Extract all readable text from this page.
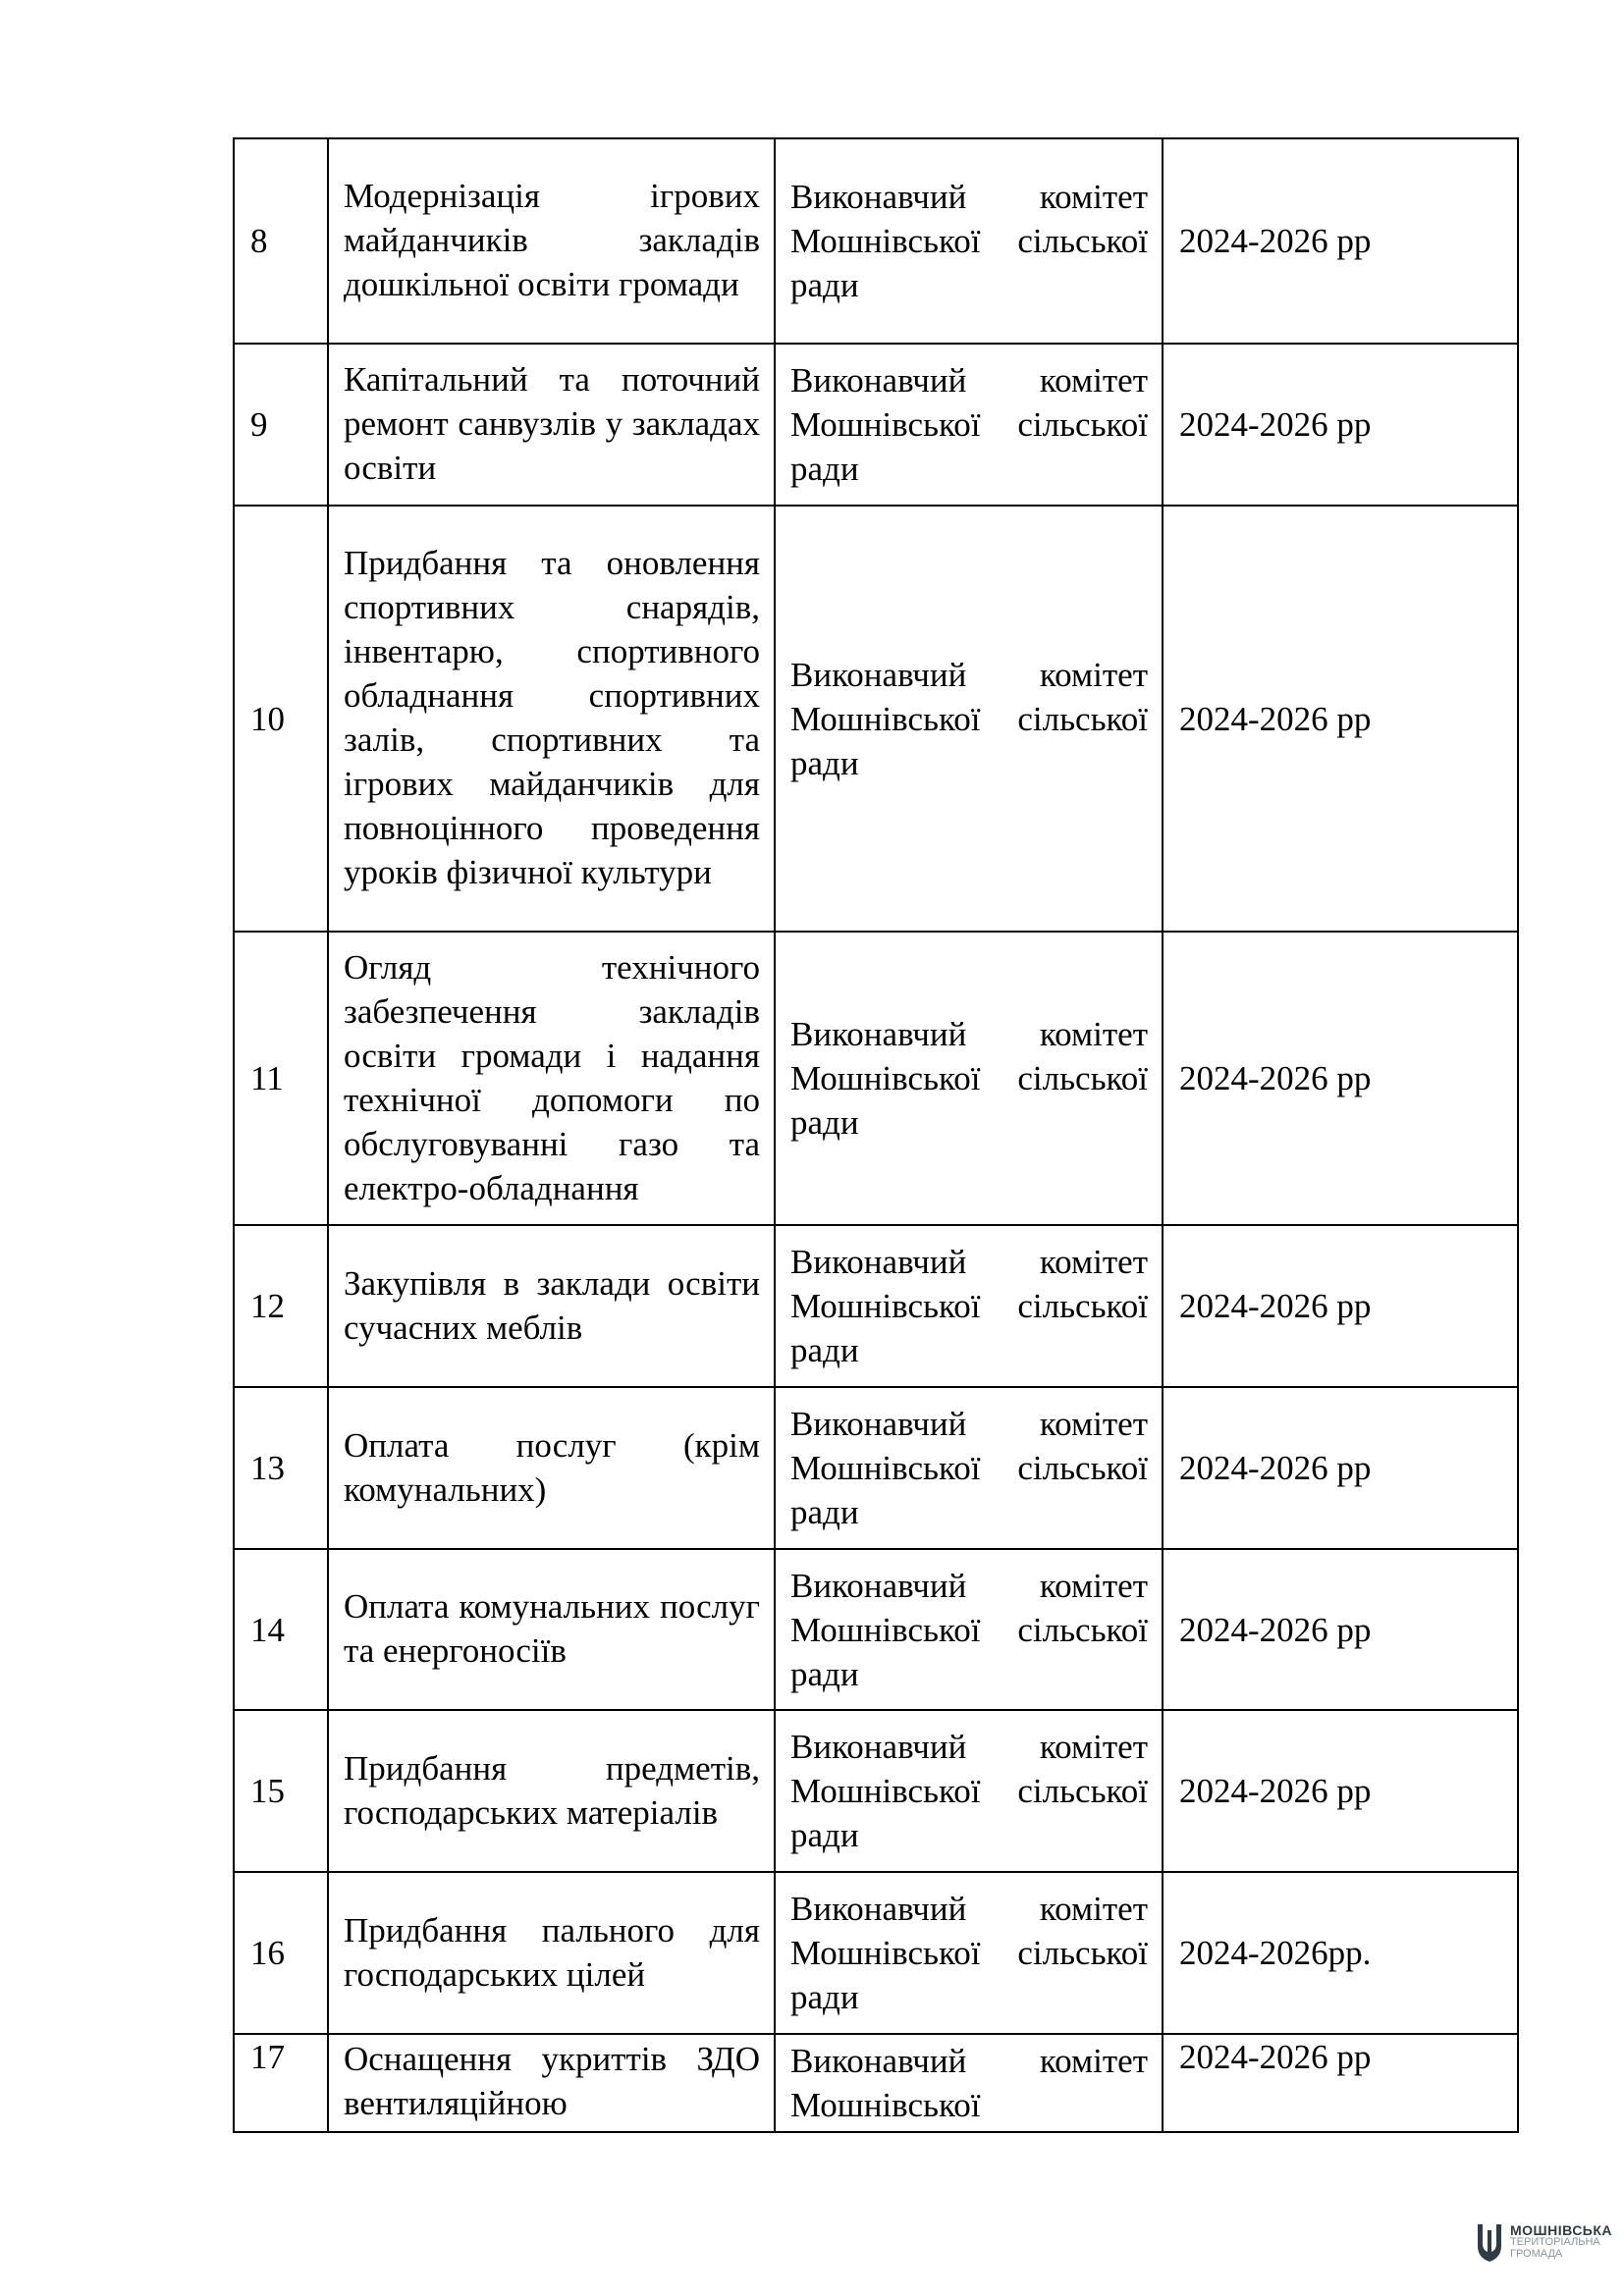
8	Модернізація ігрових майданчиків закладів дошкільної освіти громади	Виконавчий комітет Мошнівської сільської ради	2024-2026 рр
9	Капітальний та поточний ремонт санвузлів у закладах освіти	Виконавчий комітет Мошнівської сільської ради	2024-2026 рр
10	Придбання та оновлення спортивних снарядів, інвентарю, спортивного обладнання спортивних залів, спортивних та ігрових майданчиків для повноцінного проведення уроків фізичної культури	Виконавчий комітет Мошнівської сільської ради	2024-2026 рр
11	Огляд технічного забезпечення закладів освіти громади і надання технічної допомоги по обслуговуванні газо та електро-обладнання	Виконавчий комітет Мошнівської сільської ради	2024-2026 рр
12	Закупівля в заклади освіти сучасних меблів	Виконавчий комітет Мошнівської сільської ради	2024-2026 рр
13	Оплата послуг (крім комунальних)	Виконавчий комітет Мошнівської сільської ради	2024-2026 рр
14	Оплата комунальних послуг та енергоносіїв	Виконавчий комітет Мошнівської сільської ради	2024-2026 рр
15	Придбання предметів, господарських матеріалів	Виконавчий комітет Мошнівської сільської ради	2024-2026 рр
16	Придбання пального для господарських цілей	Виконавчий комітет Мошнівської сільської ради	2024-2026рр.
17	Оснащення укриттів ЗДО вентиляційною	Виконавчий комітет Мошнівської	2024-2026 рр
МОШНІВСЬКА
ТЕРИТОРІАЛЬНА
ГРОМАДА
